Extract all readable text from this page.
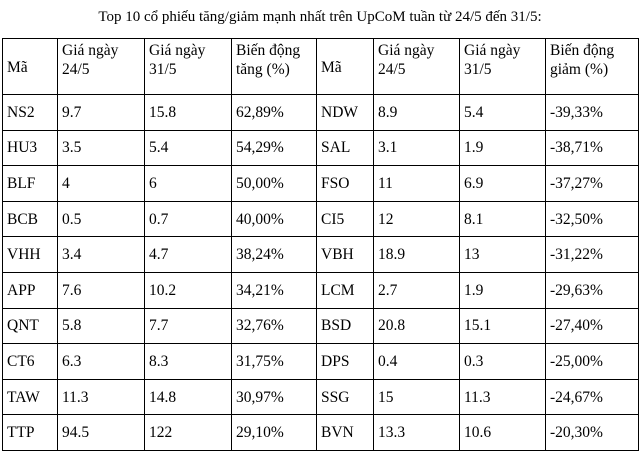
Top 10 cổ phiếu tăng/giảm mạnh nhất trên UpCoM tuần từ 24/5 đến 31/5:
Mã	Giá ngày 24/5	Giá ngày 31/5	Biến động tăng (%)	Mã	Giá ngày 24/5	Giá ngày 31/5	Biến động giảm (%)
NS2	9.7	15.8	62,89%	NDW	8.9	5.4	-39,33%
HU3	3.5	5.4	54,29%	SAL	3.1	1.9	-38,71%
BLF	4	6	50,00%	FSO	11	6.9	-37,27%
BCB	0.5	0.7	40,00%	CI5	12	8.1	-32,50%
VHH	3.4	4.7	38,24%	VBH	18.9	13	-31,22%
APP	7.6	10.2	34,21%	LCM	2.7	1.9	-29,63%
QNT	5.8	7.7	32,76%	BSD	20.8	15.1	-27,40%
CT6	6.3	8.3	31,75%	DPS	0.4	0.3	-25,00%
TAW	11.3	14.8	30,97%	SSG	15	11.3	-24,67%
TTP	94.5	122	29,10%	BVN	13.3	10.6	-20,30%
